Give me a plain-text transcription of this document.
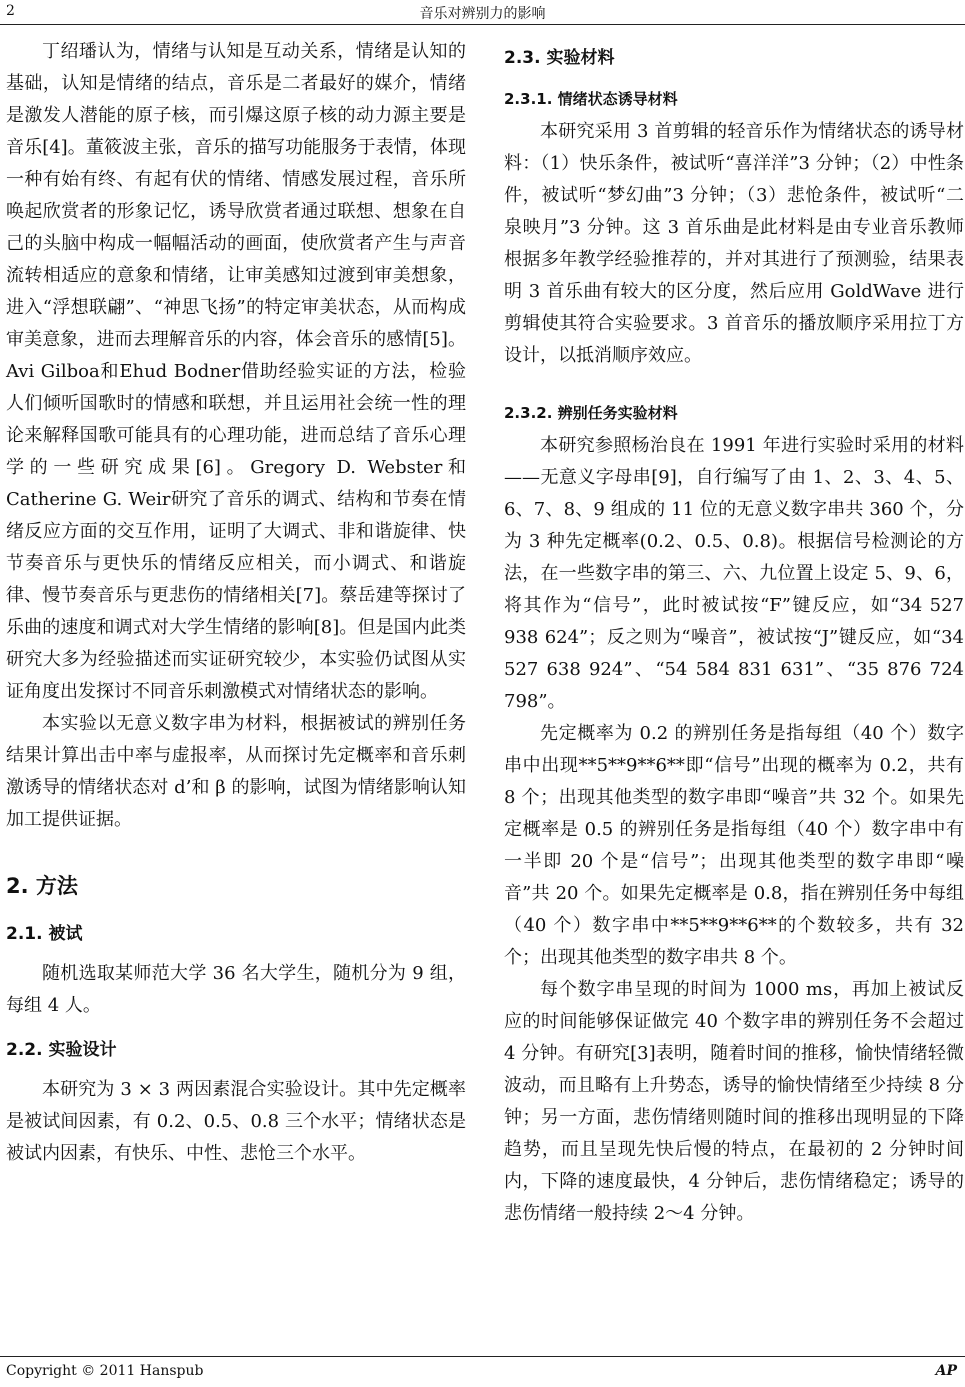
2	音乐对辨别力的影响

丁绍璠认为，情绪与认知是互动关系，情绪是认知的基础，认知是情绪的结点，音乐是二者最好的媒介，情绪是激发人潜能的原子核，而引爆这原子核的动力源主要是音乐[4]。董筱波主张，音乐的描写功能服务于表情，体现一种有始有终、有起有伏的情绪、情感发展过程，音乐所唤起欣赏者的形象记忆，诱导欣赏者通过联想、想象在自己的头脑中构成一幅幅活动的画面，使欣赏者产生与声音流转相适应的意象和情绪，让审美感知过渡到审美想象，进入“浮想联翩”、“神思飞扬”的特定审美状态，从而构成审美意象，进而去理解音乐的内容，体会音乐的感情[5]。Avi Gilboa和Ehud Bodner借助经验实证的方法，检验人们倾听国歌时的情感和联想，并且运用社会统一性的理论来解释国歌可能具有的心理功能，进而总结了音乐心理学的一些研究成果[6]。Gregory D. Webster和Catherine G. Weir研究了音乐的调式、结构和节奏在情绪反应方面的交互作用，证明了大调式、非和谐旋律、快节奏音乐与更快乐的情绪反应相关，而小调式、和谐旋律、慢节奏音乐与更悲伤的情绪相关[7]。蔡岳建等探讨了乐曲的速度和调式对大学生情绪的影响[8]。但是国内此类研究大多为经验描述而实证研究较少，本实验仍试图从实证角度出发探讨不同音乐刺激模式对情绪状态的影响。

本实验以无意义数字串为材料，根据被试的辨别任务结果计算出击中率与虚报率，从而探讨先定概率和音乐刺激诱导的情绪状态对 d’和 β 的影响，试图为情绪影响认知加工提供证据。

2. 方法
2.1. 被试

随机选取某师范大学 36 名大学生，随机分为 9 组，每组 4 人。

2.2. 实验设计

本研究为 3 × 3 两因素混合实验设计。其中先定概率是被试间因素，有 0.2、0.5、0.8 三个水平；情绪状态是被试内因素，有快乐、中性、悲怆三个水平。

2.3. 实验材料
2.3.1. 情绪状态诱导材料

本研究采用 3 首剪辑的轻音乐作为情绪状态的诱导材料：（1）快乐条件，被试听“喜洋洋”3 分钟；（2）中性条件，被试听“梦幻曲”3 分钟；（3）悲怆条件，被试听“二泉映月”3 分钟。这 3 首乐曲是此材料是由专业音乐教师根据多年教学经验推荐的，并对其进行了预测验，结果表明 3 首乐曲有较大的区分度，然后应用 GoldWave 进行剪辑使其符合实验要求。3 首音乐的播放顺序采用拉丁方设计，以抵消顺序效应。

2.3.2. 辨别任务实验材料

本研究参照杨治良在 1991 年进行实验时采用的材料——无意义字母串[9]，自行编写了由 1、2、3、4、5、6、7、8、9 组成的 11 位的无意义数字串共 360 个，分为 3 种先定概率(0.2、0.5、0.8)。根据信号检测论的方法，在一些数字串的第三、六、九位置上设定 5、9、6，将其作为“信号”，此时被试按“F”键反应，如“34 527 938 624”；反之则为“噪音”，被试按“J”键反应，如“34 527 638 924”、“54 584 831 631”、“35 876 724 798”。

先定概率为 0.2 的辨别任务是指每组（40 个）数字串中出现**5**9**6**即“信号”出现的概率为 0.2，共有 8 个；出现其他类型的数字串即“噪音”共 32 个。如果先定概率是 0.5 的辨别任务是指每组（40 个）数字串中有一半即 20 个是“信号”；出现其他类型的数字串即“噪音”共 20 个。如果先定概率是 0.8，指在辨别任务中每组（40 个）数字串中**5**9**6**的个数较多，共有 32 个；出现其他类型的数字串共 8 个。

每个数字串呈现的时间为 1000 ms，再加上被试反应的时间能够保证做完 40 个数字串的辨别任务不会超过 4 分钟。有研究[3]表明，随着时间的推移，愉快情绪轻微波动，而且略有上升势态，诱导的愉快情绪至少持续 8 分钟；另一方面，悲伤情绪则随时间的推移出现明显的下降趋势，而且呈现先快后慢的特点，在最初的 2 分钟时间内，下降的速度最快，4 分钟后，悲伤情绪稳定；诱导的悲伤情绪一般持续 2～4 分钟。

Copyright © 2011 Hanspub	AP
